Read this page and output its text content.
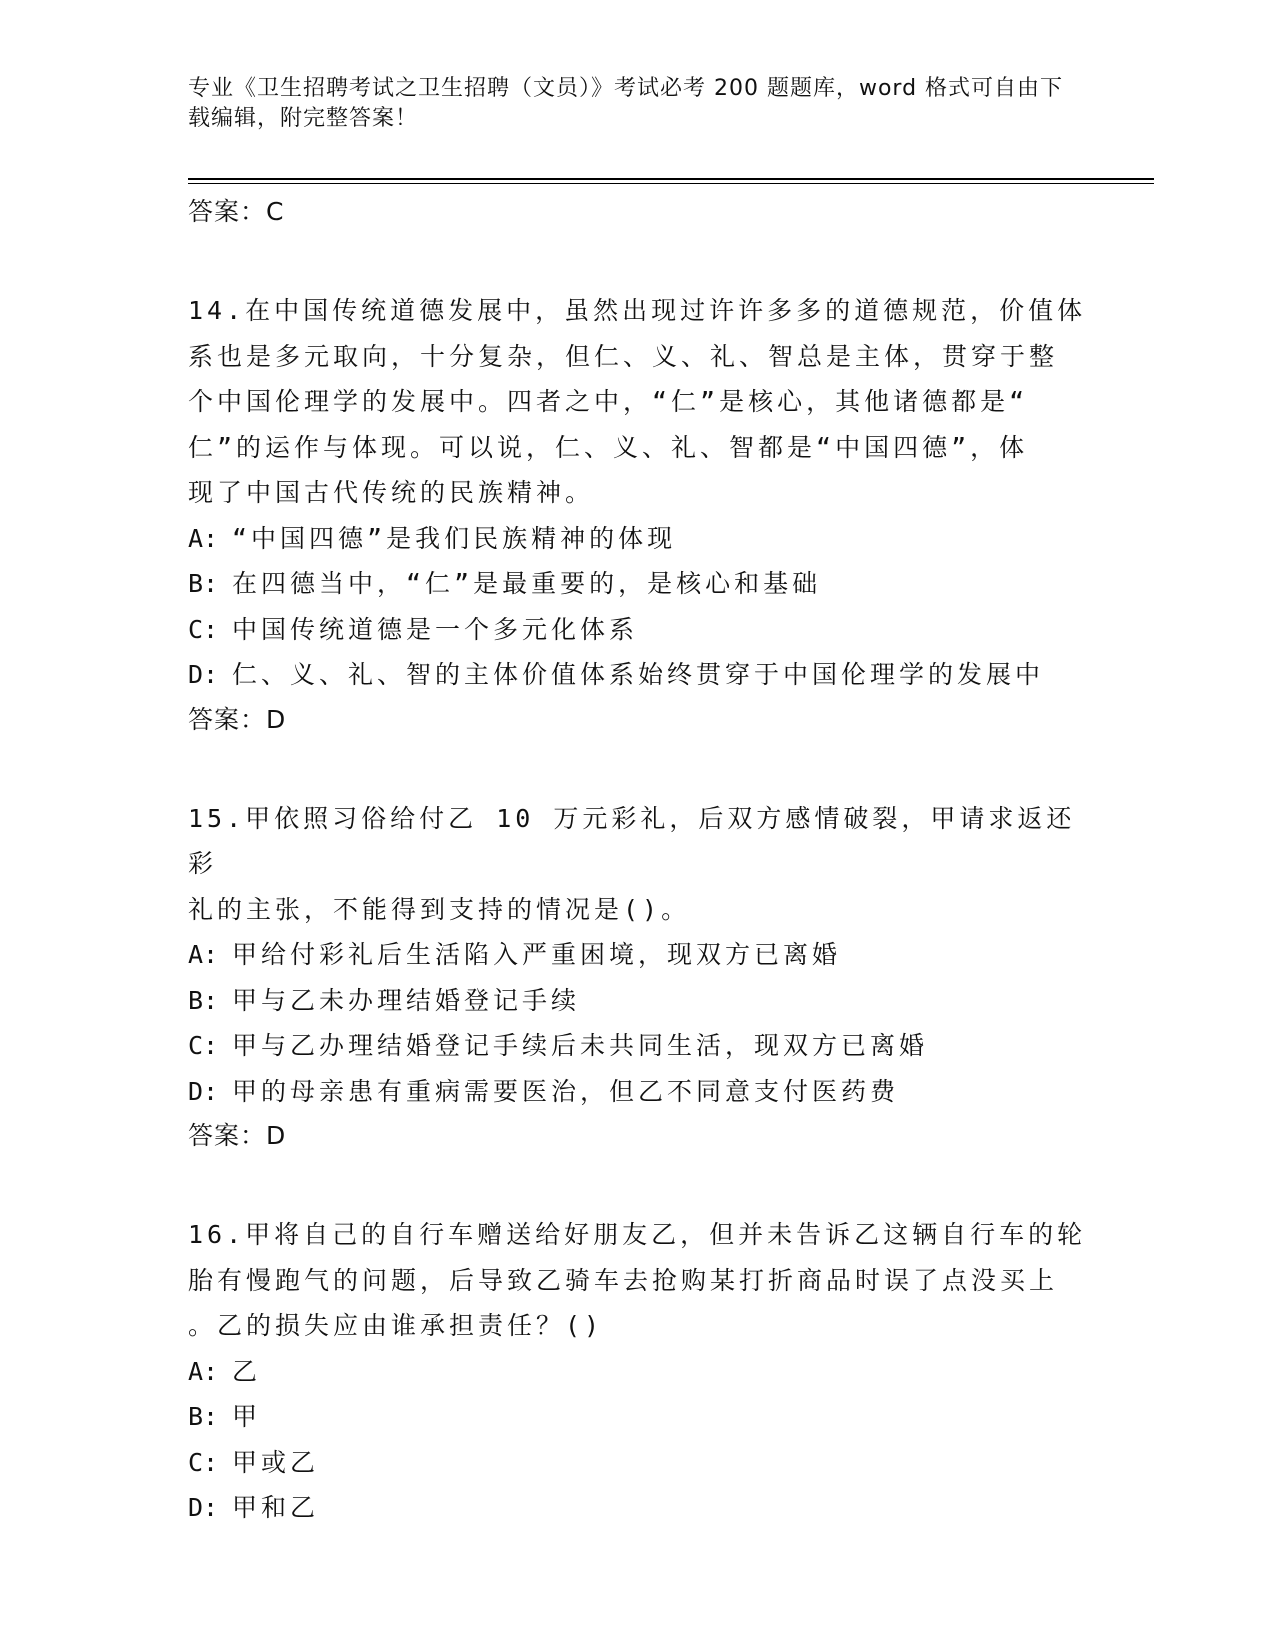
专业《卫生招聘考试之卫生招聘（文员）》考试必考 200 题题库，word 格式可自由下载编辑，附完整答案！

答案：C

14.在中国传统道德发展中，虽然出现过许许多多的道德规范，价值体

系也是多元取向，十分复杂，但仁、义、礼、智总是主体，贯穿于整

个中国伦理学的发展中。四者之中，“仁”是核心，其他诸德都是“

仁”的运作与体现。可以说，仁、义、礼、智都是“中国四德”，体

现了中国古代传统的民族精神。

A: “中国四德”是我们民族精神的体现

B: 在四德当中，“仁”是最重要的，是核心和基础

C: 中国传统道德是一个多元化体系

D: 仁、义、礼、智的主体价值体系始终贯穿于中国伦理学的发展中

答案：D

15.甲依照习俗给付乙 10 万元彩礼，后双方感情破裂，甲请求返还彩

礼的主张，不能得到支持的情况是()。

A: 甲给付彩礼后生活陷入严重困境，现双方已离婚

B: 甲与乙未办理结婚登记手续

C: 甲与乙办理结婚登记手续后未共同生活，现双方已离婚

D: 甲的母亲患有重病需要医治，但乙不同意支付医药费

答案：D

16.甲将自己的自行车赠送给好朋友乙，但并未告诉乙这辆自行车的轮

胎有慢跑气的问题，后导致乙骑车去抢购某打折商品时误了点没买上

。乙的损失应由谁承担责任？()

A: 乙

B: 甲

C: 甲或乙

D: 甲和乙
